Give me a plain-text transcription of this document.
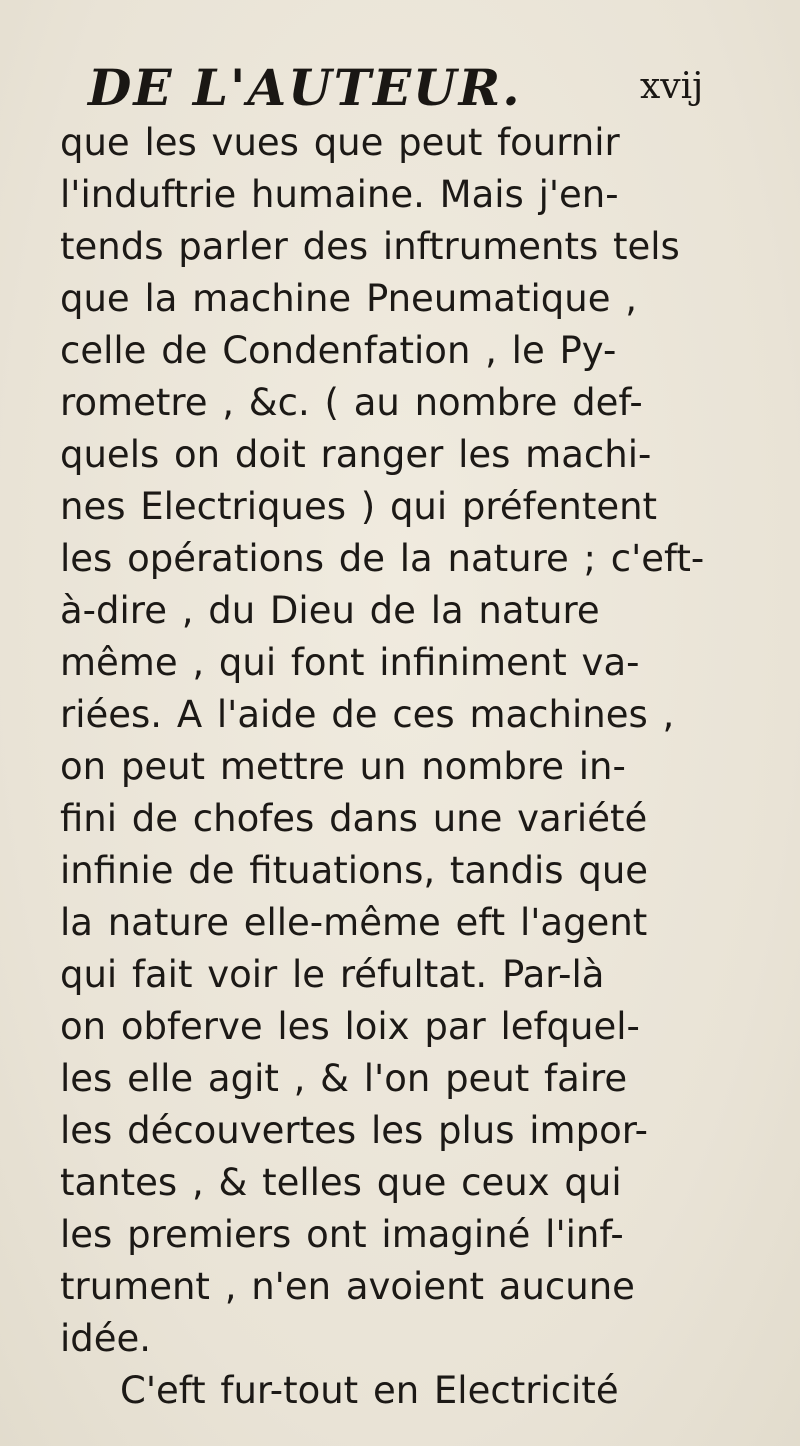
DE L'AUTEUR.	xvij
que les vues que peut fournir
l'induftrie humaine. Mais j'en-
tends parler des inftruments tels
que la machine Pneumatique ,
celle de Condenfation , le Py-
rometre , &c. ( au nombre def-
quels on doit ranger les machi-
nes Electriques ) qui préfentent
les opérations de la nature ; c'eft-
à-dire , du Dieu de la nature
même , qui font infiniment va-
riées. A l'aide de ces machines ,
on peut mettre un nombre in-
fini de chofes dans une variété
infinie de fituations, tandis que
la nature elle-même eft l'agent
qui fait voir le réfultat. Par-là
on obferve les loix par lefquel-
les elle agit , & l'on peut faire
les découvertes les plus impor-
tantes , & telles que ceux qui
les premiers ont imaginé l'inf-
trument , n'en avoient aucune
idée.
C'eft fur-tout en Electricité
